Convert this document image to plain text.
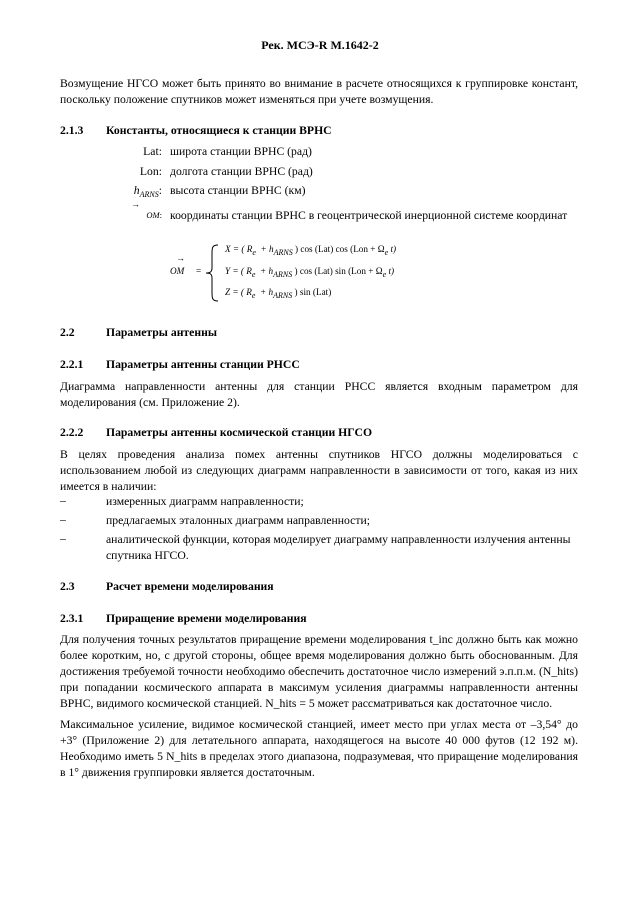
Рек. МСЭ-R M.1642-2
Возмущение НГСО может быть принято во внимание в расчете относящихся к группировке констант, поскольку положение спутников может изменяться при учете возмущения.
2.1.3 Константы, относящиеся к станции ВРНС
Lat: широта станции ВРНС (рад)
Lon: долгота станции ВРНС (рад)
$h_{ARNS}$: высота станции ВРНС (км)
→
OM: координаты станции ВРНС в геоцентрической инерционной системе координат
→
OM =
X = ( Re + hARNS ) cos (Lat) cos (Lon + Ωe t)
Y = ( Re + hARNS ) cos (Lat) sin (Lon + Ωe t)
Z = ( Re + hARNS ) sin (Lat)
2.2	Параметры антенны
2.2.1 Параметры антенны станции РНСС
Диаграмма направленности антенны для станции РНСС является входным параметром для моделирования (см. Приложение 2).
2.2.2 Параметры антенны космической станции НГСО
В целях проведения анализа помех антенны спутников НГСО должны моделироваться с использованием любой из следующих диаграмм направленности в зависимости от того, какая из них имеется в наличии:
–	измеренных диаграмм направленности;
–	предлагаемых эталонных диаграмм направленности;
–	аналитической функции, которая моделирует диаграмму направленности излучения антенны спутника НГСО.
2.3	Расчет времени моделирования
2.3.1 Приращение времени моделирования
Для получения точных результатов приращение времени моделирования t_inc должно быть как можно более коротким, но, с другой стороны, общее время моделирования должно быть обоснованным. Для достижения требуемой точности необходимо обеспечить достаточное число измерений э.п.п.м. (N_hits) при попадании космического аппарата в максимум усиления диаграммы направленности антенны ВРНС, видимого космической станцией. N_hits = 5 может рассматриваться как достаточное число.
Максимальное усиление, видимое космической станцией, имеет место при углах места от –3,54° до +3° (Приложение 2) для летательного аппарата, находящегося на высоте 40 000 футов (12 192 м). Необходимо иметь 5 N_hits в пределах этого диапазона, подразумевая, что приращение моделирования в 1° движения группировки является достаточным.
